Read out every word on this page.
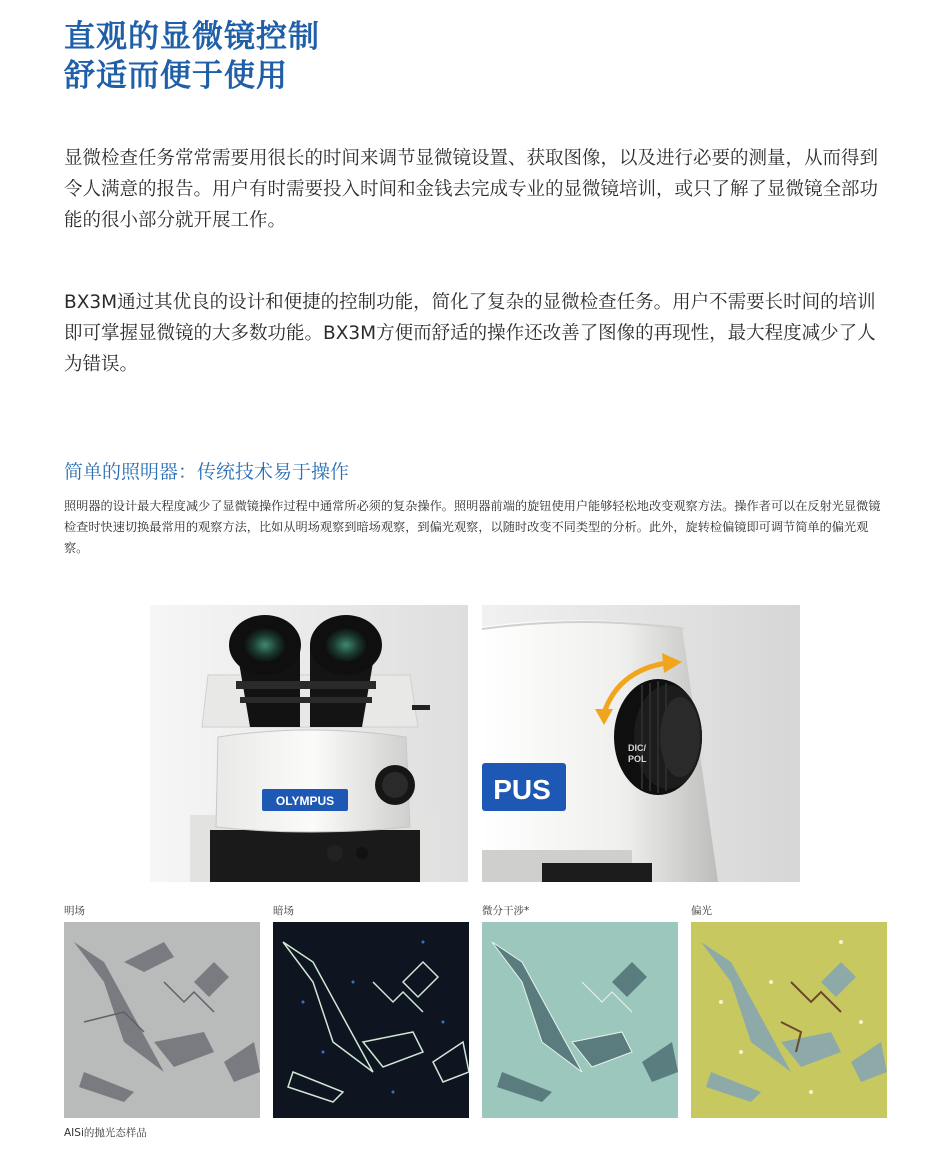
直观的显微镜控制
舒适而便于使用

显微检查任务常常需要用很长的时间来调节显微镜设置、获取图像，以及进行必要的测量，从而得到令人满意的报告。用户有时需要投入时间和金钱去完成专业的显微镜培训，或只了解了显微镜全部功能的很小部分就开展工作。

BX3M通过其优良的设计和便捷的控制功能，简化了复杂的显微检查任务。用户不需要长时间的培训即可掌握显微镜的大多数功能。BX3M方便而舒适的操作还改善了图像的再现性，最大程度减少了人为错误。

简单的照明器：传统技术易于操作

照明器的设计最大程度减少了显微镜操作过程中通常所必须的复杂操作。照明器前端的旋钮使用户能够轻松地改变观察方法。操作者可以在反射光显微镜检查时快速切换最常用的观察方法，比如从明场观察到暗场观察，到偏光观察，以随时改变不同类型的分析。此外，旋转检偏镜即可调节简单的偏光观察。

OLYMPUS	PUS
DIC/
POL
明场	暗场	微分干涉*	偏光
AISi的抛光态样品
